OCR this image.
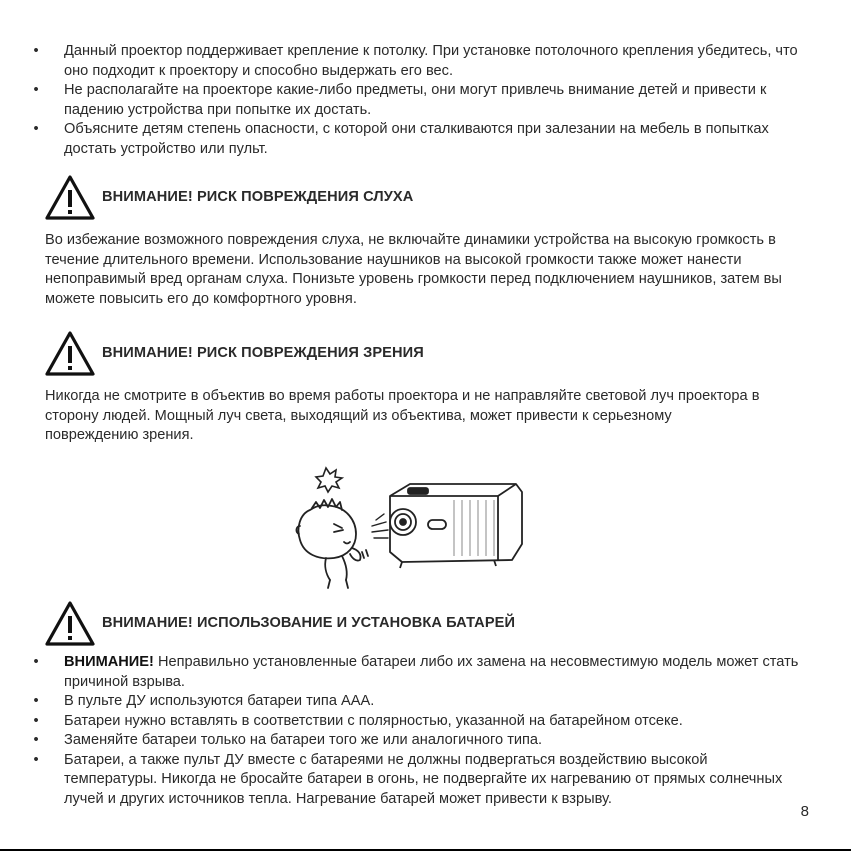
• Данный проектор поддерживает крепление к потолку. При установке потолочного крепления убедитесь, что оно подходит к проектору и способно выдержать его вес.
• Не располагайте на проекторе какие-либо предметы, они могут привлечь внимание детей и привести к падению устройства при попытке их достать.
• Объясните детям степень опасности, с которой они сталкиваются при залезании на мебель в попытках достать устройство или пульт.
ВНИМАНИЕ! РИСК ПОВРЕЖДЕНИЯ СЛУХА

Во избежание возможного повреждения слуха, не включайте динамики устройства на высокую громкость в течение длительного времени. Использование наушников на высокой громкости также может нанести непоправимый вред органам слуха. Понизьте уровень громкости перед подключением наушников, затем вы можете повысить его до комфортного уровня.

ВНИМАНИЕ! РИСК ПОВРЕЖДЕНИЯ ЗРЕНИЯ

Никогда не смотрите в объектив во время работы проектора и не направляйте световой луч проектора в сторону людей. Мощный луч света, выходящий из объектива, может привести к серьезному повреждению зрения.

ВНИМАНИЕ! ИСПОЛЬЗОВАНИЕ И УСТАНОВКА БАТАРЕЙ
• ВНИМАНИЕ! Неправильно установленные батареи либо их замена на несовместимую модель может стать причиной взрыва.
• В пульте ДУ используются батареи типа ААА.
• Батареи нужно вставлять в соответствии с полярностью, указанной на батарейном отсеке.
• Заменяйте батареи только на батареи того же или аналогичного типа.
• Батареи, а также пульт ДУ вместе с батареями не должны подвергаться воздействию высокой температуры. Никогда не бросайте батареи в огонь, не подвергайте их нагреванию от прямых солнечных лучей и других источников тепла. Нагревание батарей может привести к взрыву.
8
